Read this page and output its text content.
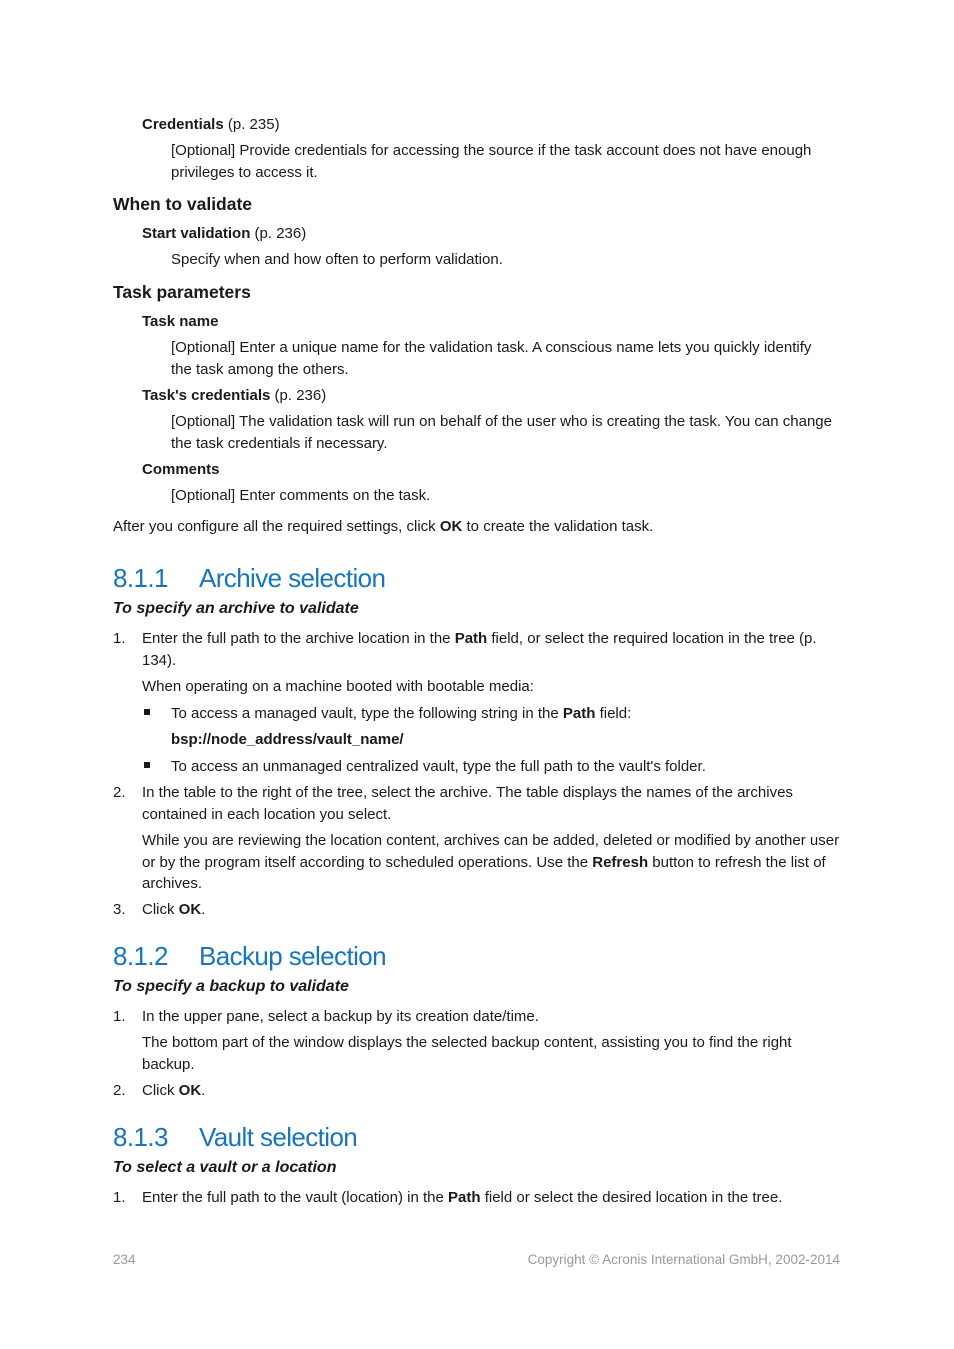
Credentials (p. 235)
[Optional] Provide credentials for accessing the source if the task account does not have enough privileges to access it.
When to validate
Start validation (p. 236)
Specify when and how often to perform validation.
Task parameters
Task name
[Optional] Enter a unique name for the validation task. A conscious name lets you quickly identify the task among the others.
Task's credentials (p. 236)
[Optional] The validation task will run on behalf of the user who is creating the task. You can change the task credentials if necessary.
Comments
[Optional] Enter comments on the task.
After you configure all the required settings, click OK to create the validation task.
8.1.1 Archive selection
To specify an archive to validate
1. Enter the full path to the archive location in the Path field, or select the required location in the tree (p. 134).
When operating on a machine booted with bootable media:
To access a managed vault, type the following string in the Path field:
bsp://node_address/vault_name/
To access an unmanaged centralized vault, type the full path to the vault's folder.
2. In the table to the right of the tree, select the archive. The table displays the names of the archives contained in each location you select.
While you are reviewing the location content, archives can be added, deleted or modified by another user or by the program itself according to scheduled operations. Use the Refresh button to refresh the list of archives.
3. Click OK.
8.1.2 Backup selection
To specify a backup to validate
1. In the upper pane, select a backup by its creation date/time.
The bottom part of the window displays the selected backup content, assisting you to find the right backup.
2. Click OK.
8.1.3 Vault selection
To select a vault or a location
1. Enter the full path to the vault (location) in the Path field or select the desired location in the tree.
234	Copyright © Acronis International GmbH, 2002-2014
